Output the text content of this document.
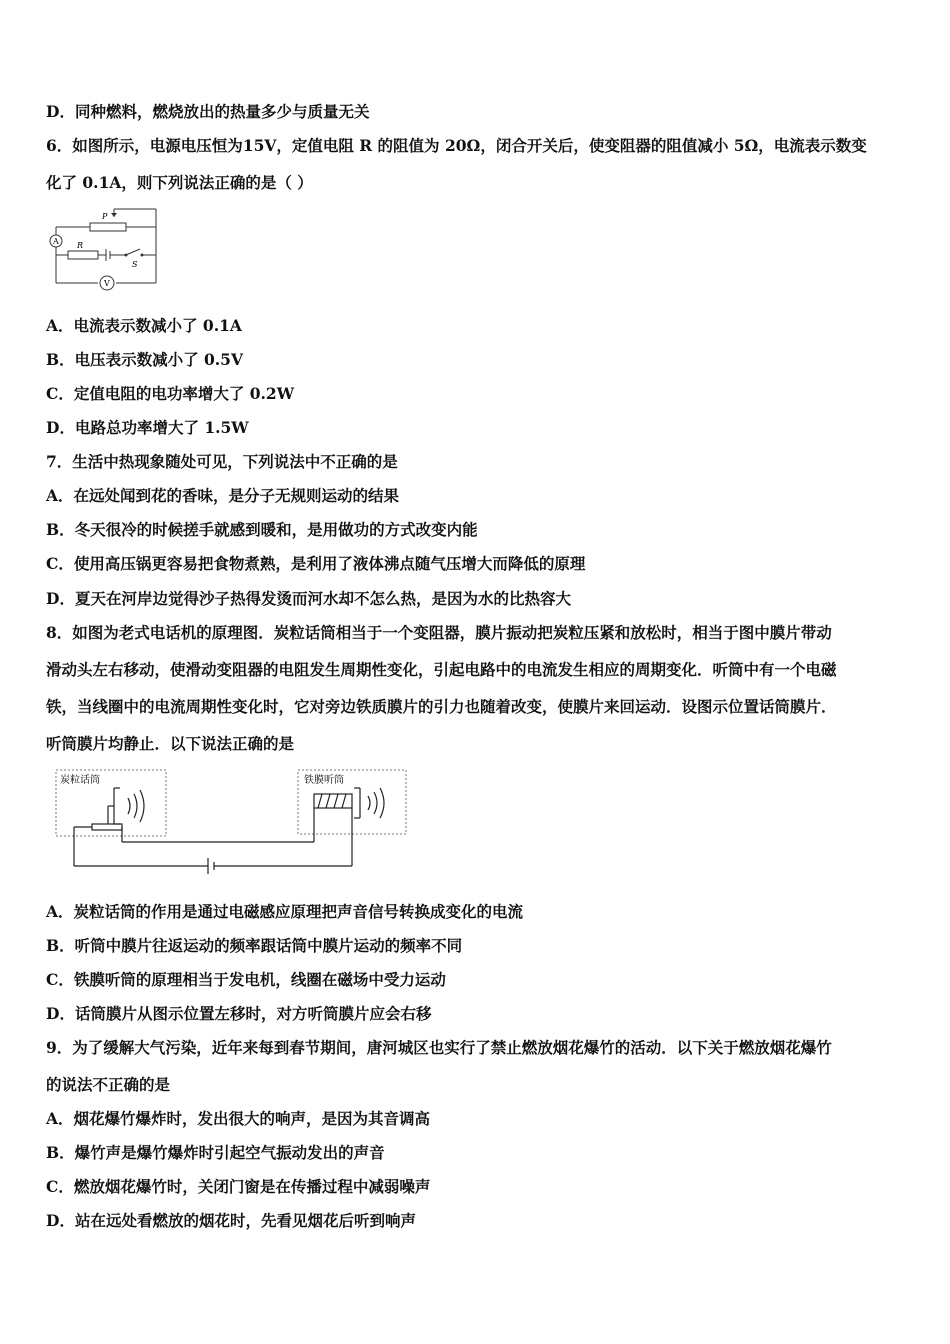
D．同种燃料，燃烧放出的热量多少与质量无关
6．如图所示，电源电压恒为15V，定值电阻 R 的阻值为 20Ω，闭合开关后，使变阻器的阻值减小 5Ω，电流表示数变
化了 0.1A，则下列说法正确的是（ ）
A
V
R
P
S
A．电流表示数减小了 0.1A
B．电压表示数减小了 0.5V
C．定值电阻的电功率增大了 0.2W
D．电路总功率增大了 1.5W
7．生活中热现象随处可见，下列说法中不正确的是
A．在远处闻到花的香味，是分子无规则运动的结果
B．冬天很冷的时候搓手就感到暖和，是用做功的方式改变内能
C．使用高压锅更容易把食物煮熟，是利用了液体沸点随气压增大而降低的原理
D．夏天在河岸边觉得沙子热得发烫而河水却不怎么热，是因为水的比热容大
8．如图为老式电话机的原理图．炭粒话筒相当于一个变阻器，膜片振动把炭粒压紧和放松时，相当于图中膜片带动
滑动头左右移动，使滑动变阻器的电阻发生周期性变化，引起电路中的电流发生相应的周期变化．听筒中有一个电磁
铁，当线圈中的电流周期性变化时，它对旁边铁质膜片的引力也随着改变，使膜片来回运动．设图示位置话筒膜片．
听筒膜片均静止．以下说法正确的是
炭粒话筒	铁膜听筒
A．炭粒话筒的作用是通过电磁感应原理把声音信号转换成变化的电流
B．听筒中膜片往返运动的频率跟话筒中膜片运动的频率不同
C．铁膜听筒的原理相当于发电机，线圈在磁场中受力运动
D．话筒膜片从图示位置左移时，对方听筒膜片应会右移
9．为了缓解大气污染，近年来每到春节期间，唐河城区也实行了禁止燃放烟花爆竹的活动．以下关于燃放烟花爆竹
的说法不正确的是
A．烟花爆竹爆炸时，发出很大的响声，是因为其音调高
B．爆竹声是爆竹爆炸时引起空气振动发出的声音
C．燃放烟花爆竹时，关闭门窗是在传播过程中减弱噪声
D．站在远处看燃放的烟花时，先看见烟花后听到响声
